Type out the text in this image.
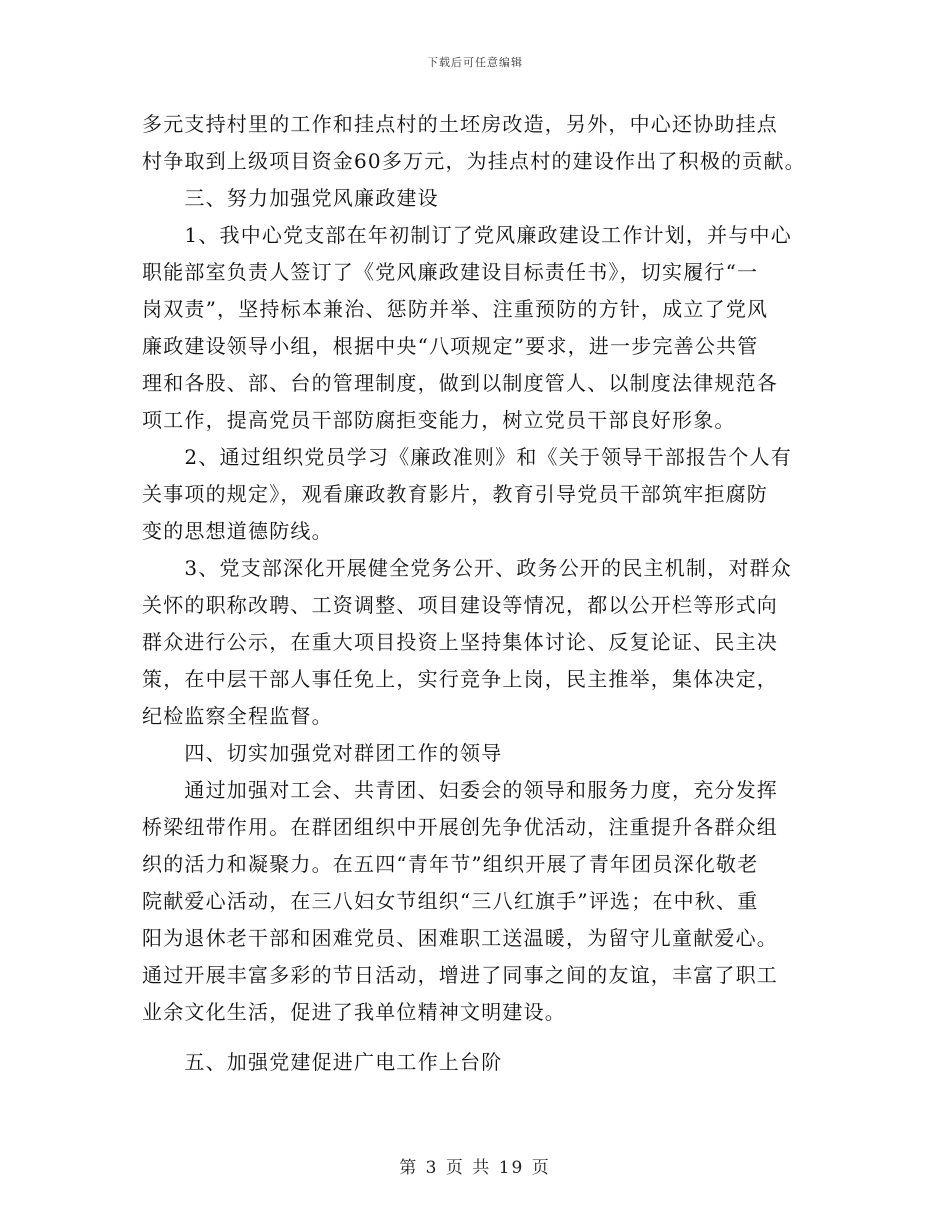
下载后可任意编辑
多元支持村里的工作和挂点村的土坯房改造，另外，中心还协助挂点
村争取到上级项目资金60多万元，为挂点村的建设作出了积极的贡献。
　　三、努力加强党风廉政建设
　　1、我中心党支部在年初制订了党风廉政建设工作计划，并与中心
职能部室负责人签订了《党风廉政建设目标责任书》，切实履行“一
岗双责”，坚持标本兼治、惩防并举、注重预防的方针，成立了党风
廉政建设领导小组，根据中央“八项规定”要求，进一步完善公共管
理和各股、部、台的管理制度，做到以制度管人、以制度法律规范各
项工作，提高党员干部防腐拒变能力，树立党员干部良好形象。
　　2、通过组织党员学习《廉政准则》和《关于领导干部报告个人有
关事项的规定》，观看廉政教育影片，教育引导党员干部筑牢拒腐防
变的思想道德防线。
　　3、党支部深化开展健全党务公开、政务公开的民主机制，对群众
关怀的职称改聘、工资调整、项目建设等情况，都以公开栏等形式向
群众进行公示，在重大项目投资上坚持集体讨论、反复论证、民主决
策，在中层干部人事任免上，实行竞争上岗，民主推举，集体决定，
纪检监察全程监督。
　　四、切实加强党对群团工作的领导
　　通过加强对工会、共青团、妇委会的领导和服务力度，充分发挥
桥梁纽带作用。在群团组织中开展创先争优活动，注重提升各群众组
织的活力和凝聚力。在五四“青年节”组织开展了青年团员深化敬老
院献爱心活动，在三八妇女节组织“三八红旗手”评选；在中秋、重
阳为退休老干部和困难党员、困难职工送温暖，为留守儿童献爱心。
通过开展丰富多彩的节日活动，增进了同事之间的友谊，丰富了职工
业余文化生活，促进了我单位精神文明建设。
　　五、加强党建促进广电工作上台阶
第 3 页 共 19 页
